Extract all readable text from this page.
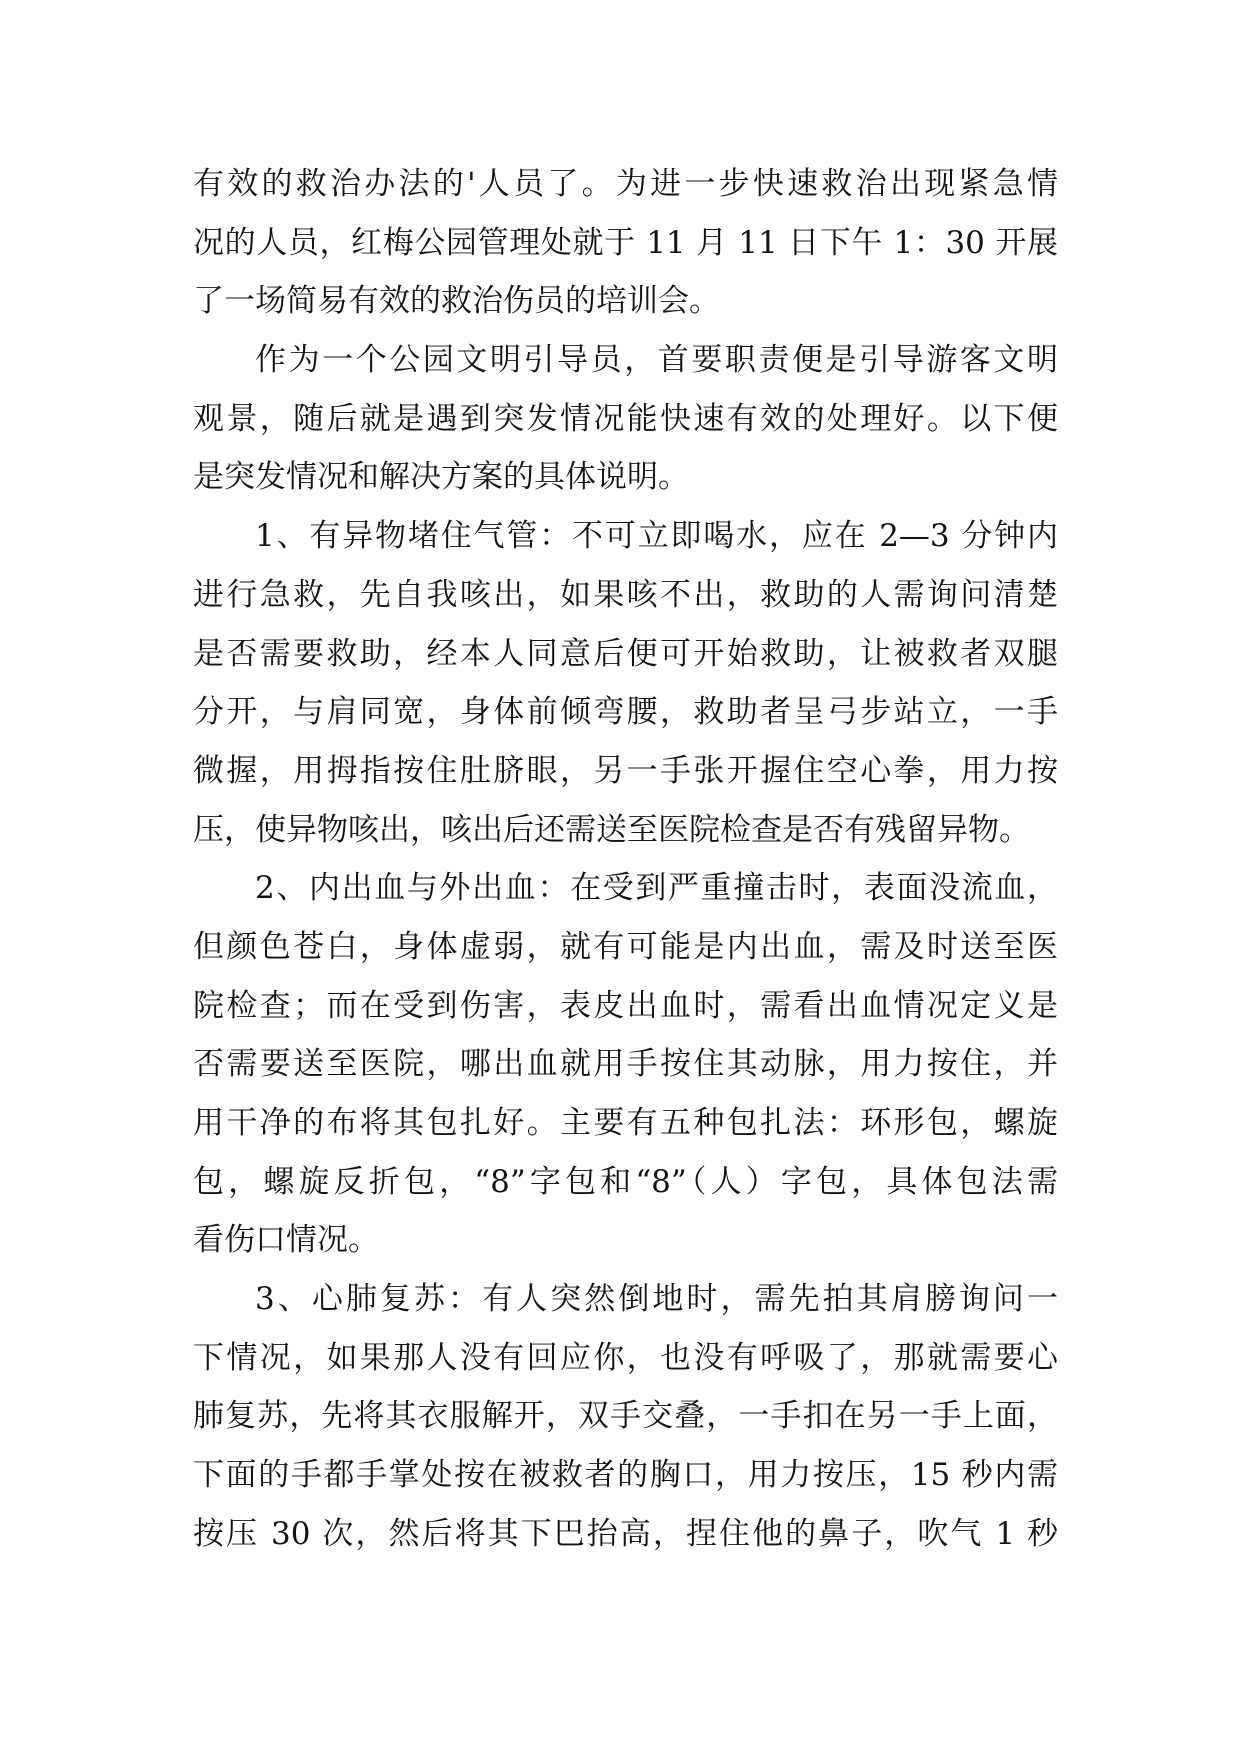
有效的救治办法的'人员了。为进一步快速救治出现紧急情
况的人员，红梅公园管理处就于 11 月 11 日下午 1：30 开展
了一场简易有效的救治伤员的培训会。
作为一个公园文明引导员，首要职责便是引导游客文明
观景，随后就是遇到突发情况能快速有效的处理好。以下便
是突发情况和解决方案的具体说明。
1、有异物堵住气管：不可立即喝水，应在 2—3 分钟内
进行急救，先自我咳出，如果咳不出，救助的人需询问清楚
是否需要救助，经本人同意后便可开始救助，让被救者双腿
分开，与肩同宽，身体前倾弯腰，救助者呈弓步站立，一手
微握，用拇指按住肚脐眼，另一手张开握住空心拳，用力按
压，使异物咳出，咳出后还需送至医院检查是否有残留异物。
2、内出血与外出血：在受到严重撞击时，表面没流血，
但颜色苍白，身体虚弱，就有可能是内出血，需及时送至医
院检查；而在受到伤害，表皮出血时，需看出血情况定义是
否需要送至医院，哪出血就用手按住其动脉，用力按住，并
用干净的布将其包扎好。主要有五种包扎法：环形包，螺旋
包，螺旋反折包，“8”字包和“8”（人）字包，具体包法需
看伤口情况。
3、心肺复苏：有人突然倒地时，需先拍其肩膀询问一
下情况，如果那人没有回应你，也没有呼吸了，那就需要心
肺复苏，先将其衣服解开，双手交叠，一手扣在另一手上面，
下面的手都手掌处按在被救者的胸口，用力按压，15 秒内需
按压 30 次，然后将其下巴抬高，捏住他的鼻子，吹气 1 秒
